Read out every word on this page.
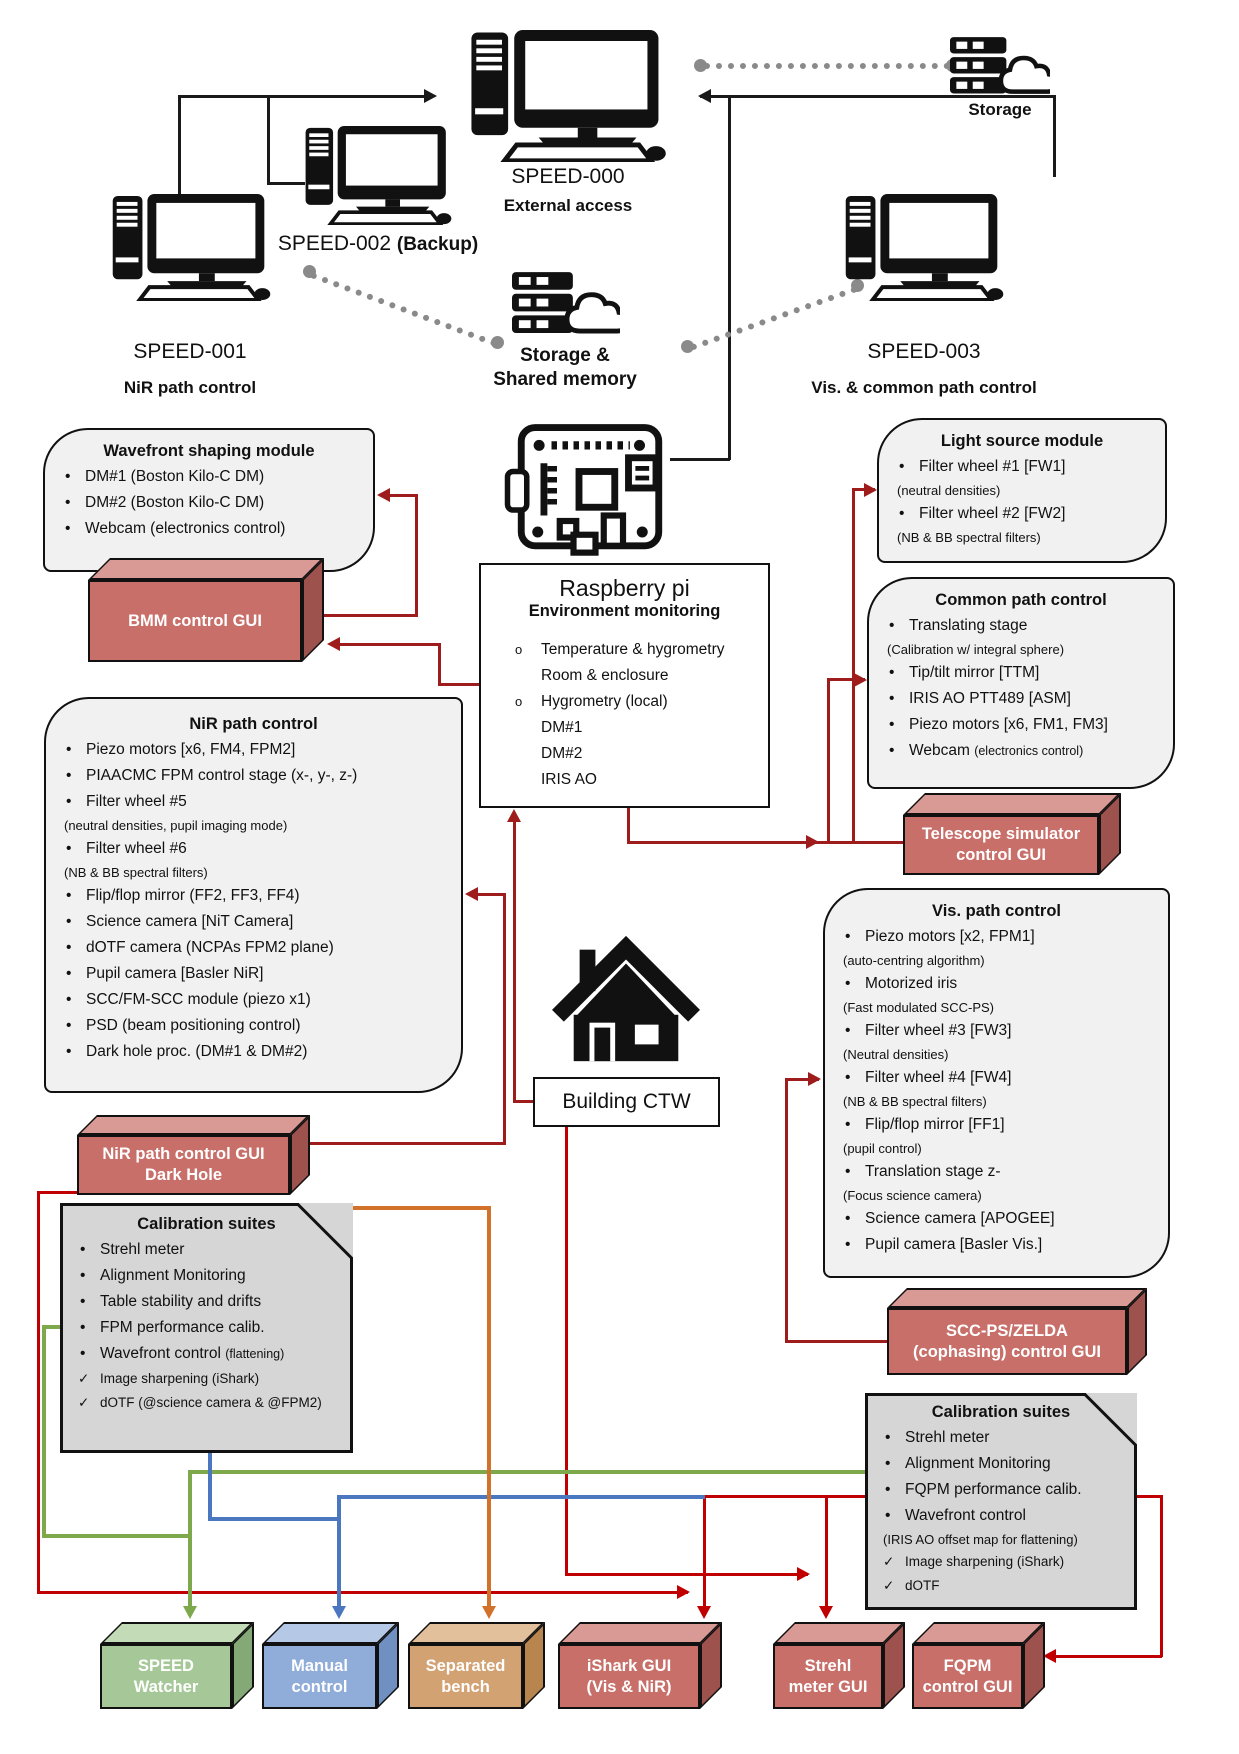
SPEED-000
External access
SPEED-002 (Backup)
SPEED-001
NiR path control
SPEED-003
Vis. & common path control
Storage
Storage &
Shared memory
Raspberry pi
Environment monitoring
o Temperature & hygrometry
Room & enclosure
o Hygrometry (local)
DM#1
DM#2
IRIS AO
Wavefront shaping module
• DM#1 (Boston Kilo-C DM)
• DM#2 (Boston Kilo-C DM)
• Webcam (electronics control)
BMM control GUI
NiR path control
• Piezo motors [x6, FM4, FPM2]
• PIAACMC FPM control stage (x-, y-, z-)
• Filter wheel #5
(neutral densities, pupil imaging mode)
• Filter wheel #6
(NB & BB spectral filters)
• Flip/flop mirror (FF2, FF3, FF4)
• Science camera [NiT Camera]
• dOTF camera (NCPAs FPM2 plane)
• Pupil camera [Basler NiR]
• SCC/FM-SCC module (piezo x1)
• PSD (beam positioning control)
• Dark hole proc. (DM#1 & DM#2)
NiR path control GUI
Dark Hole
Calibration suites
• Strehl meter
• Alignment Monitoring
• Table stability and drifts
• FPM performance calib.
• Wavefront control (flattening)
✓ Image sharpening (iShark)
✓ dOTF (@science camera & @FPM2)
Light source module
• Filter wheel #1 [FW1]
(neutral densities)
• Filter wheel #2 [FW2]
(NB & BB spectral filters)
Common path control
• Translating stage
(Calibration w/ integral sphere)
• Tip/tilt mirror [TTM]
• IRIS AO PTT489 [ASM]
• Piezo motors [x6, FM1, FM3]
• Webcam (electronics control)
Telescope simulator
control GUI
Vis. path control
• Piezo motors [x2, FPM1]
(auto-centring algorithm)
• Motorized iris
(Fast modulated SCC-PS)
• Filter wheel #3 [FW3]
(Neutral densities)
• Filter wheel #4 [FW4]
(NB & BB spectral filters)
• Flip/flop mirror [FF1]
(pupil control)
• Translation stage z-
(Focus science camera)
• Science camera [APOGEE]
• Pupil camera [Basler Vis.]
SCC-PS/ZELDA
(cophasing) control GUI
Calibration suites
• Strehl meter
• Alignment Monitoring
• FQPM performance calib.
• Wavefront control
(IRIS AO offset map for flattening)
✓ Image sharpening (iShark)
✓ dOTF
Building CTW
SPEED
Watcher
Manual
control
Separated
bench
iShark GUI
(Vis & NiR)
Strehl
meter GUI
FQPM
control GUI
